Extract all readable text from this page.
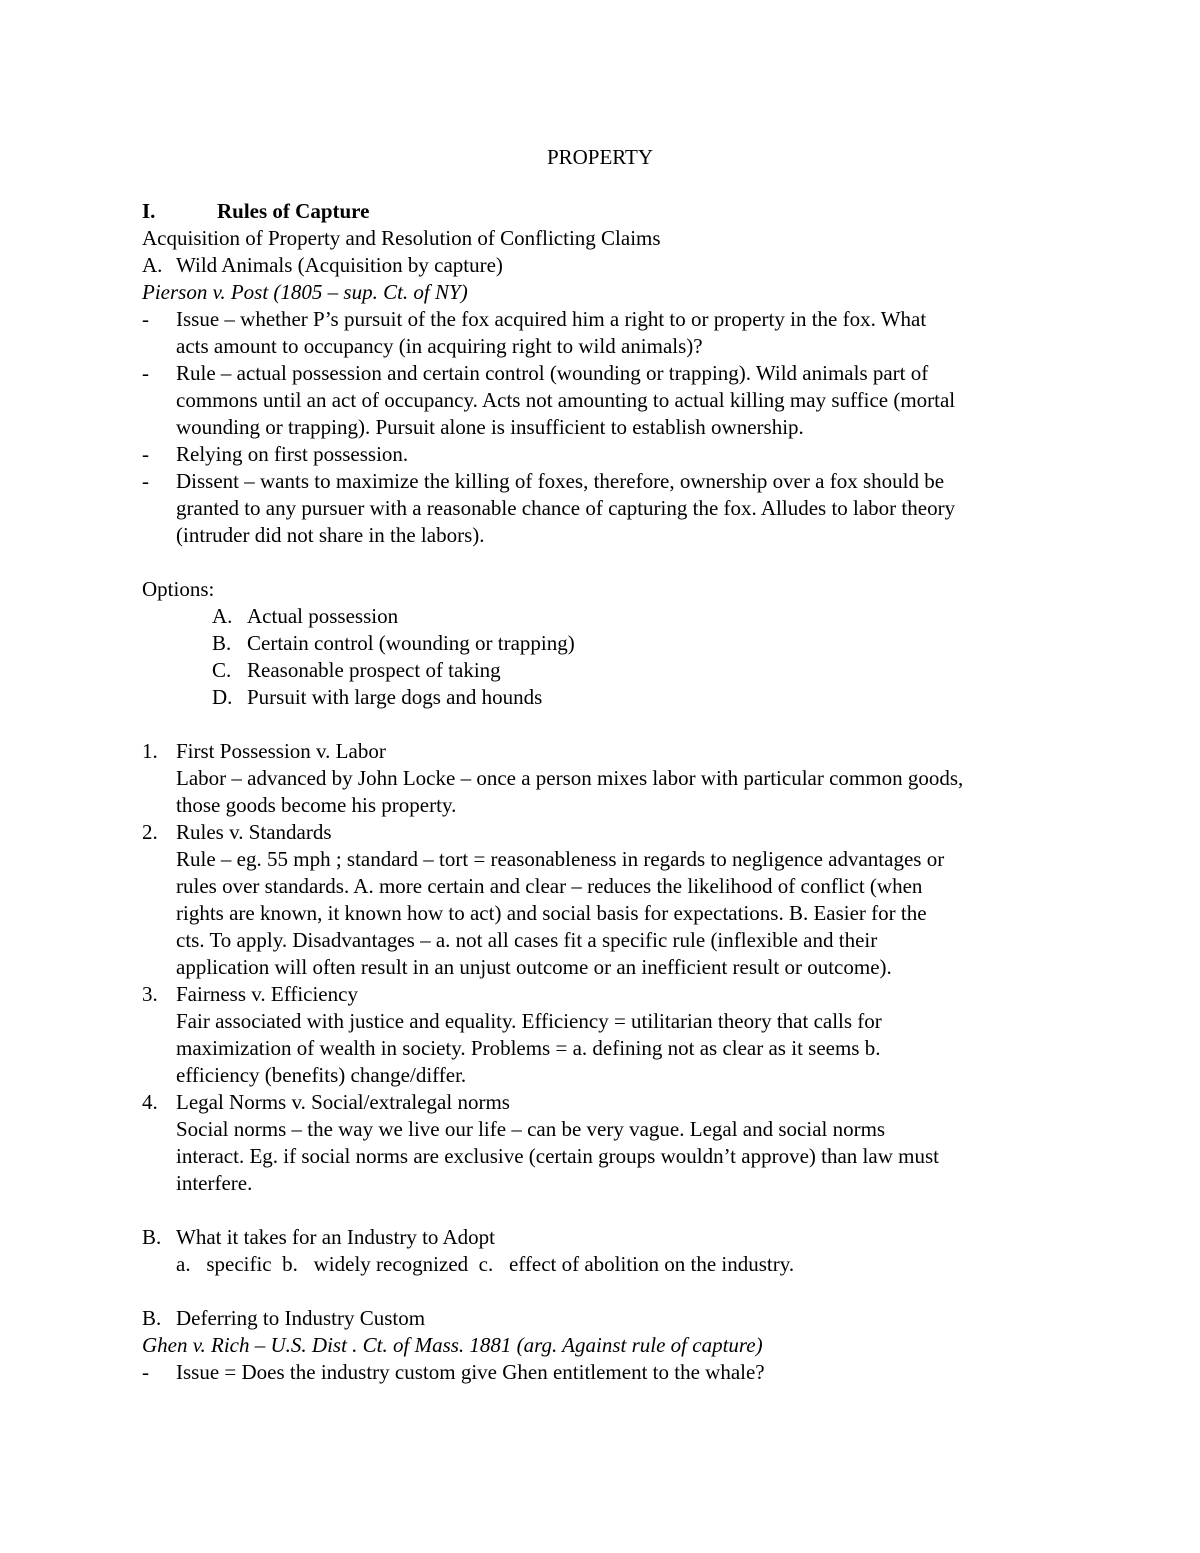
PROPERTY
I.	Rules of Capture
Acquisition of Property and Resolution of Conflicting Claims
A. Wild Animals (Acquisition by capture)
Pierson v. Post (1805 – sup. Ct. of NY)
-	Issue – whether P’s pursuit of the fox acquired him a right to or property in the fox. What
acts amount to occupancy (in acquiring right to wild animals)?
-	Rule – actual possession and certain control (wounding or trapping). Wild animals part of
commons until an act of occupancy. Acts not amounting to actual killing may suffice (mortal
wounding or trapping). Pursuit alone is insufficient to establish ownership.
-	Relying on first possession.
-	Dissent – wants to maximize the killing of foxes, therefore, ownership over a fox should be
granted to any pursuer with a reasonable chance of capturing the fox. Alludes to labor theory
(intruder did not share in the labors).
Options:
A. Actual possession
B. Certain control (wounding or trapping)
C. Reasonable prospect of taking
D. Pursuit with large dogs and hounds
1. First Possession v. Labor
Labor – advanced by John Locke – once a person mixes labor with particular common goods,
those goods become his property.
2. Rules v. Standards
Rule – eg. 55 mph ; standard – tort = reasonableness in regards to negligence advantages or
rules over standards. A. more certain and clear – reduces the likelihood of conflict (when
rights are known, it known how to act) and social basis for expectations. B. Easier for the
cts. To apply. Disadvantages – a. not all cases fit a specific rule (inflexible and their
application will often result in an unjust outcome or an inefficient result or outcome).
3. Fairness v. Efficiency
Fair associated with justice and equality. Efficiency = utilitarian theory that calls for
maximization of wealth in society. Problems = a. defining not as clear as it seems b.
efficiency (benefits) change/differ.
4. Legal Norms v. Social/extralegal norms
Social norms – the way we live our life – can be very vague. Legal and social norms
interact. Eg. if social norms are exclusive (certain groups wouldn’t approve) than law must
interfere.
B. What it takes for an Industry to Adopt
a.   specific  b.   widely recognized  c.   effect of abolition on the industry.
B. Deferring to Industry Custom
Ghen v. Rich – U.S. Dist . Ct. of Mass. 1881 (arg. Against rule of capture)
-	Issue = Does the industry custom give Ghen entitlement to the whale?
